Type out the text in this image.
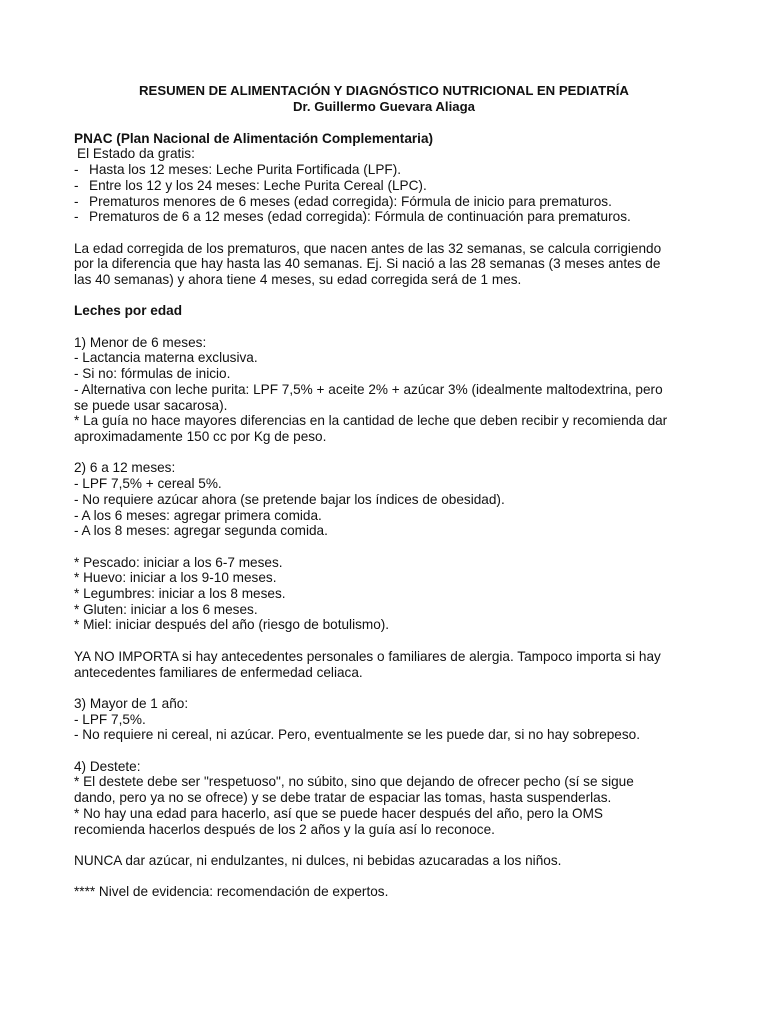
RESUMEN DE ALIMENTACIÓN Y DIAGNÓSTICO NUTRICIONAL EN PEDIATRÍA
Dr. Guillermo Guevara Aliaga
PNAC (Plan Nacional de Alimentación Complementaria)
El Estado da gratis:
- Hasta los 12 meses: Leche Purita Fortificada (LPF).
- Entre los 12 y los 24 meses: Leche Purita Cereal (LPC).
- Prematuros menores de 6 meses (edad corregida): Fórmula de inicio para prematuros.
- Prematuros de 6 a 12 meses (edad corregida): Fórmula de continuación para prematuros.
La edad corregida de los prematuros, que nacen antes de las 32 semanas, se calcula corrigiendo
por la diferencia que hay hasta las 40 semanas. Ej. Si nació a las 28 semanas (3 meses antes de
las 40 semanas) y ahora tiene 4 meses, su edad corregida será de 1 mes.
Leches por edad
1) Menor de 6 meses:
- Lactancia materna exclusiva.
- Si no: fórmulas de inicio.
- Alternativa con leche purita: LPF 7,5% + aceite 2% + azúcar 3% (idealmente maltodextrina, pero
se puede usar sacarosa).
* La guía no hace mayores diferencias en la cantidad de leche que deben recibir y recomienda dar
aproximadamente 150 cc por Kg de peso.
2) 6 a 12 meses:
- LPF 7,5% + cereal 5%.
- No requiere azúcar ahora (se pretende bajar los índices de obesidad).
- A los 6 meses: agregar primera comida.
- A los 8 meses: agregar segunda comida.
* Pescado: iniciar a los 6-7 meses.
* Huevo: iniciar a los 9-10 meses.
* Legumbres: iniciar a los 8 meses.
* Gluten: iniciar a los 6 meses.
* Miel: iniciar después del año (riesgo de botulismo).
YA NO IMPORTA si hay antecedentes personales o familiares de alergia. Tampoco importa si hay
antecedentes familiares de enfermedad celiaca.
3) Mayor de 1 año:
- LPF 7,5%.
- No requiere ni cereal, ni azúcar. Pero, eventualmente se les puede dar, si no hay sobrepeso.
4) Destete:
* El destete debe ser "respetuoso", no súbito, sino que dejando de ofrecer pecho (sí se sigue
dando, pero ya no se ofrece) y se debe tratar de espaciar las tomas, hasta suspenderlas.
* No hay una edad para hacerlo, así que se puede hacer después del año, pero la OMS
recomienda hacerlos después de los 2 años y la guía así lo reconoce.
NUNCA dar azúcar, ni endulzantes, ni dulces, ni bebidas azucaradas a los niños.
**** Nivel de evidencia: recomendación de expertos.
